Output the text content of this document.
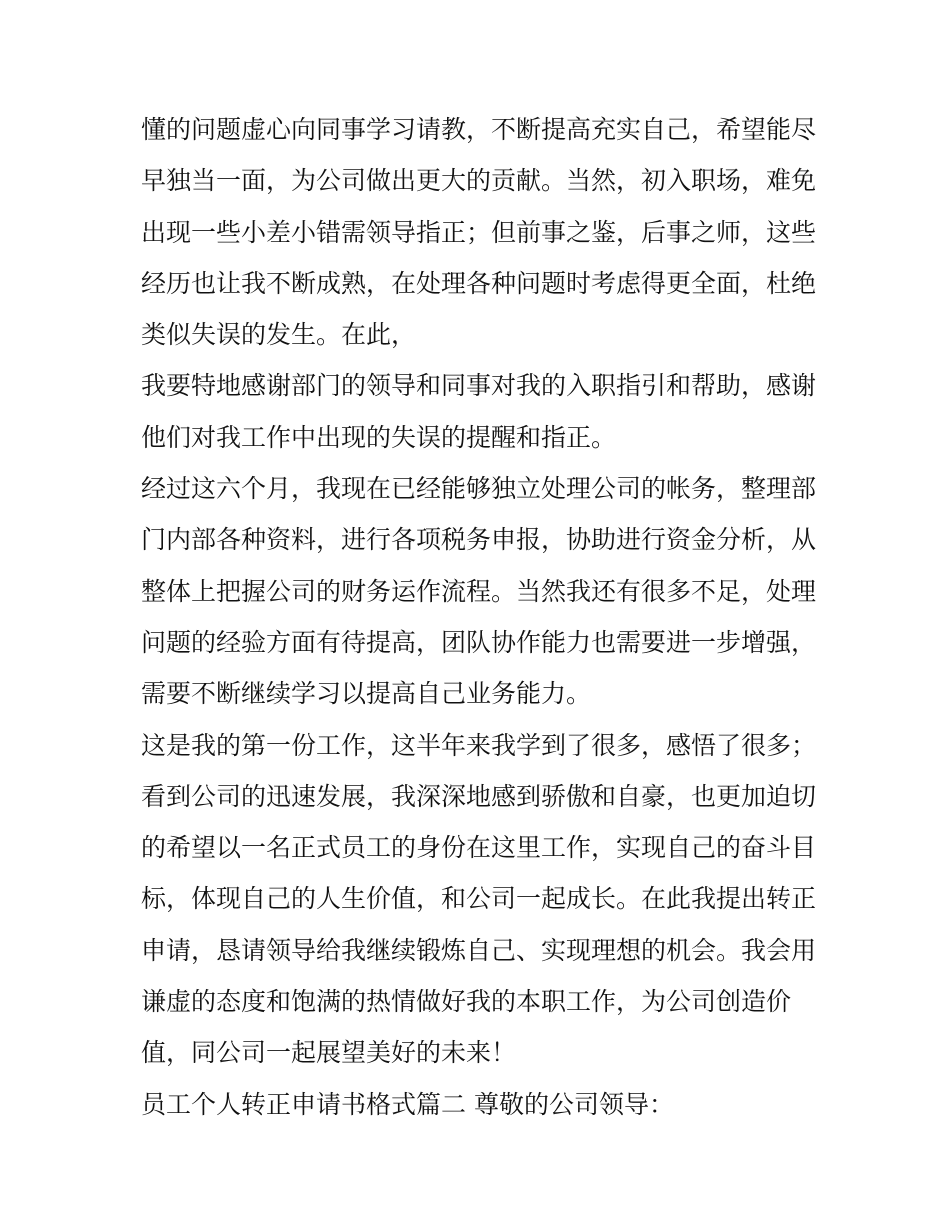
懂的问题虚心向同事学习请教，不断提高充实自己，希望能尽
早独当一面，为公司做出更大的贡献。当然，初入职场，难免
出现一些小差小错需领导指正；但前事之鉴，后事之师，这些
经历也让我不断成熟，在处理各种问题时考虑得更全面，杜绝
类似失误的发生。在此，
我要特地感谢部门的领导和同事对我的入职指引和帮助，感谢
他们对我工作中出现的失误的提醒和指正。
经过这六个月，我现在已经能够独立处理公司的帐务，整理部
门内部各种资料，进行各项税务申报，协助进行资金分析，从
整体上把握公司的财务运作流程。当然我还有很多不足，处理
问题的经验方面有待提高，团队协作能力也需要进一步增强，
需要不断继续学习以提高自己业务能力。
这是我的第一份工作，这半年来我学到了很多，感悟了很多；
看到公司的迅速发展，我深深地感到骄傲和自豪，也更加迫切
的希望以一名正式员工的身份在这里工作，实现自己的奋斗目
标，体现自己的人生价值，和公司一起成长。在此我提出转正
申请，恳请领导给我继续锻炼自己、实现理想的机会。我会用
谦虚的态度和饱满的热情做好我的本职工作，为公司创造价
值，同公司一起展望美好的未来！
员工个人转正申请书格式篇二 尊敬的公司领导：
